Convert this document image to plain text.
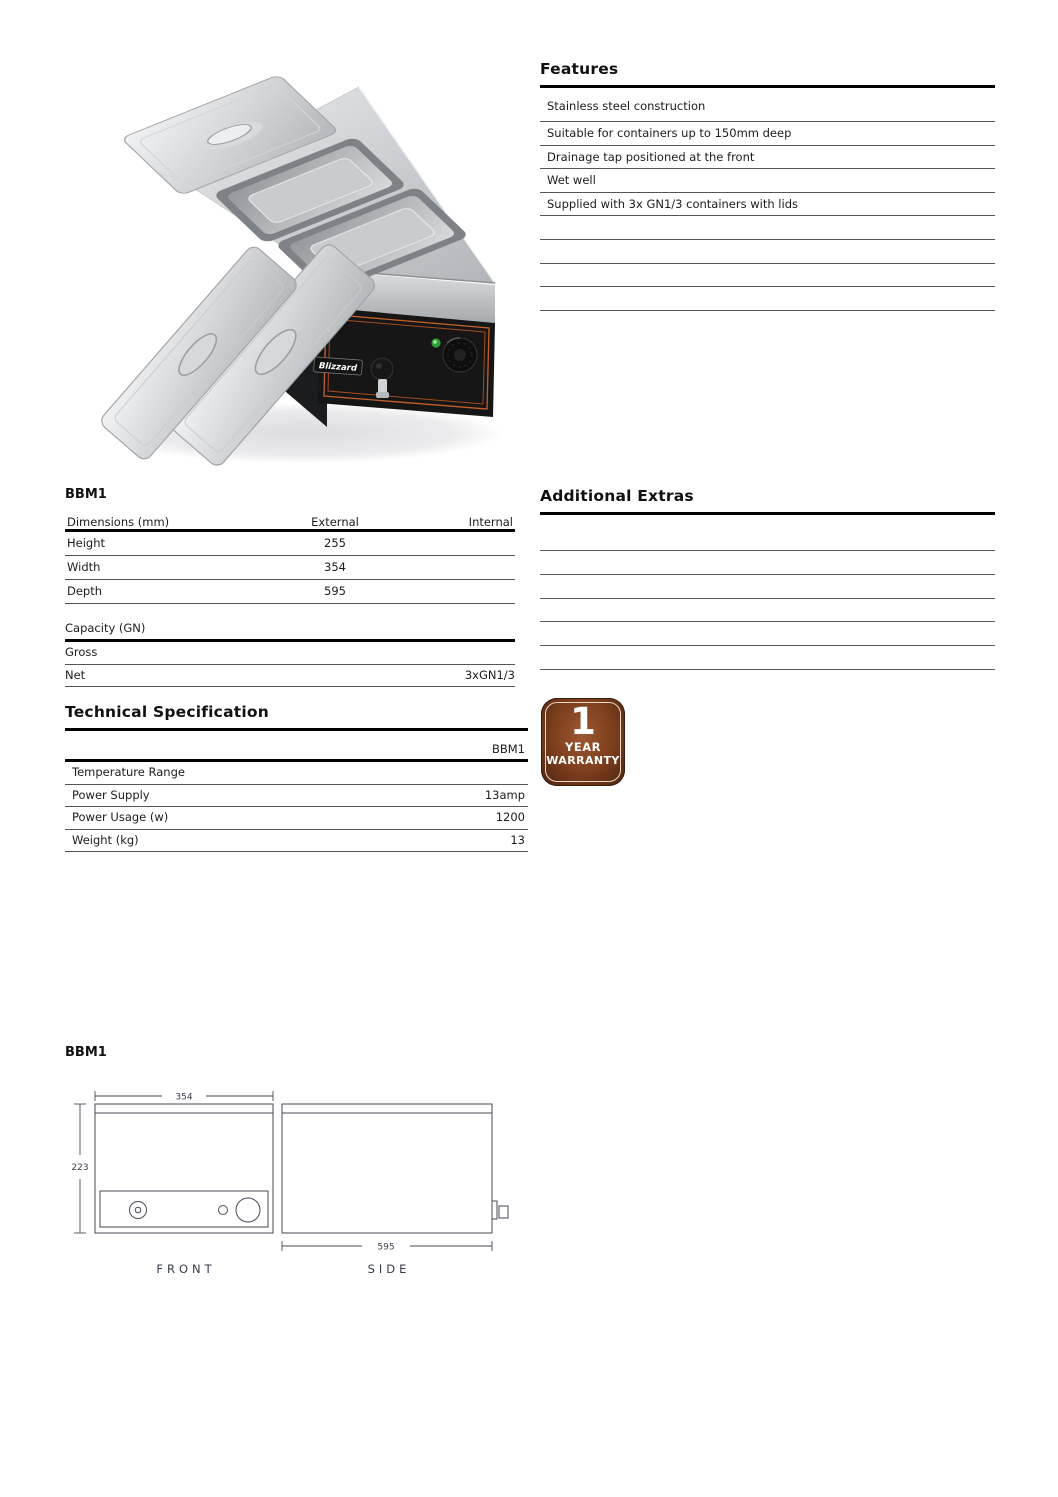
Blizzard
Features
Stainless steel construction
Suitable for containers up to 150mm deep
Drainage tap positioned at the front
Wet well
Supplied with 3x GN1/3 containers with lids
BBM1
Dimensions (mm)	External	Internal
Height	255
Width	354
Depth	595
Capacity (GN)
Gross
Net	3xGN1/3
Additional Extras
Technical Specification
BBM1
Temperature Range
Power Supply	13amp
Power Usage (w)	1200
Weight (kg)	13
1
YEAR
WARRANTY
BBM1
354
223
595
FRONT	SIDE
